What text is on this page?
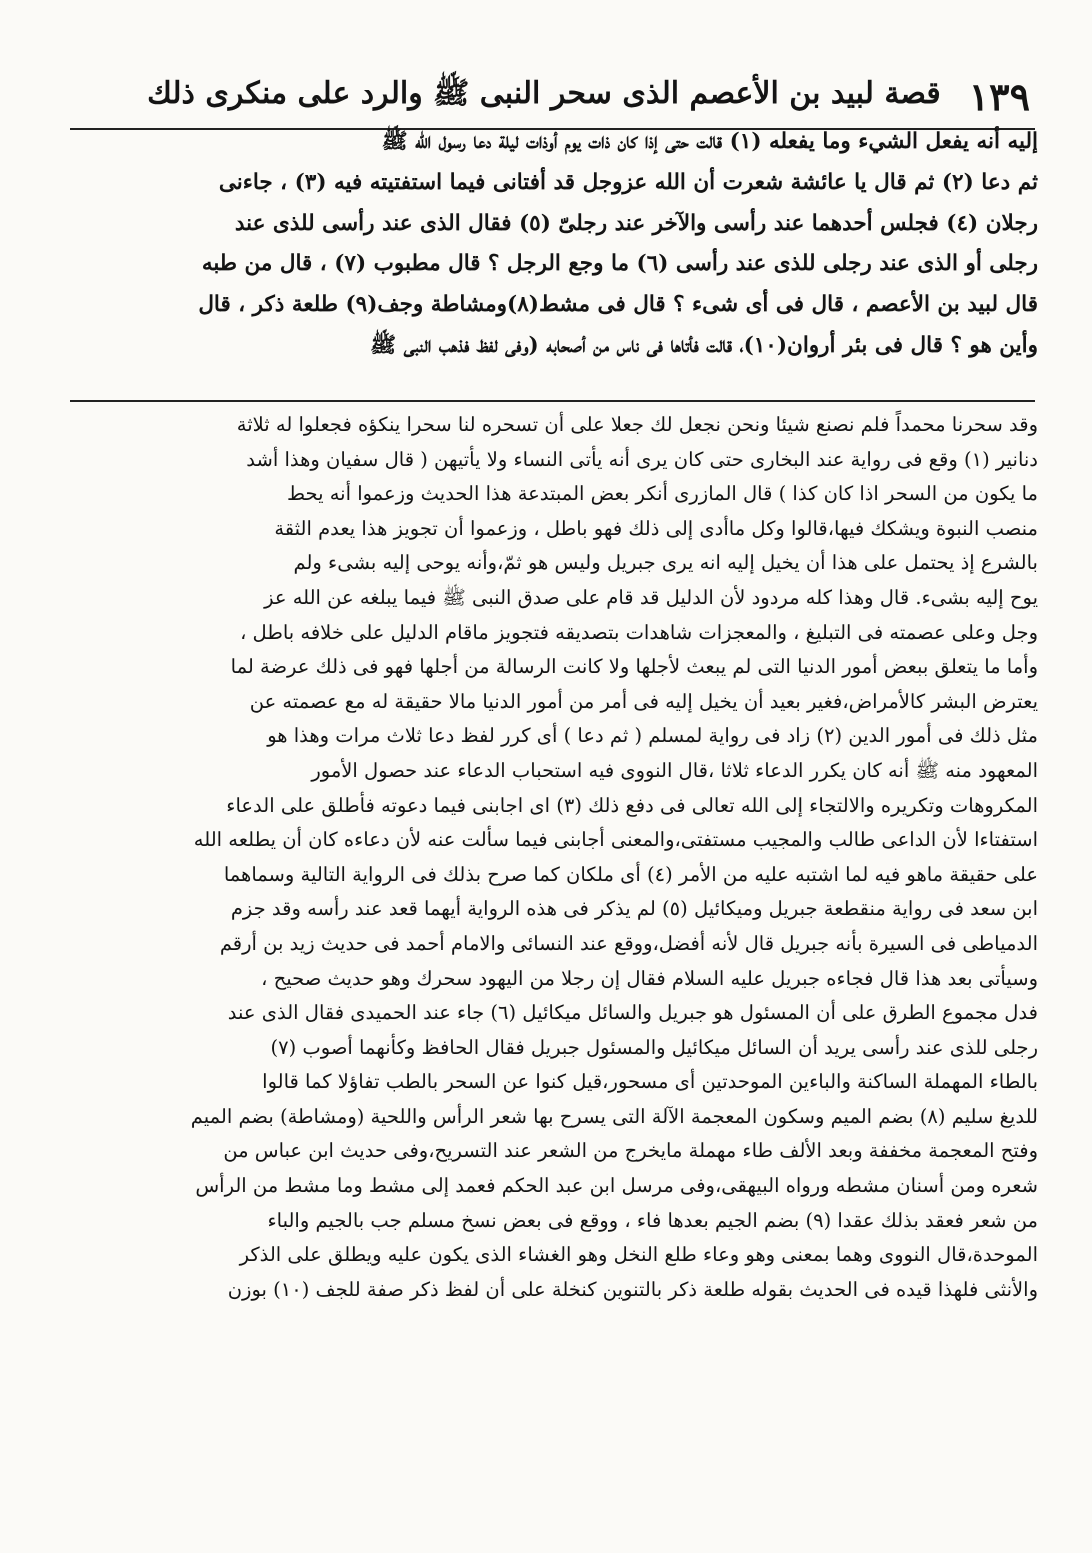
١٣٩
قصة لبيد بن الأعصم الذى سحر النبى ﷺ والرد على منكرى ذلك
إليه أنه يفعل الشيء وما يفعله (١) قالت حتى إذا كان ذات يوم أوذات ليلة دعا رسول الله ﷺ
ثم دعا (٢) ثم قال يا عائشة شعرت أن الله عزوجل قد أفتانى فيما استفتيته فيه (٣) ، جاءنى
رجلان (٤) فجلس أحدهما عند رأسى والآخر عند رجلىّ (٥) فقال الذى عند رأسى للذى عند
رجلى أو الذى عند رجلى للذى عند رأسى (٦) ما وجع الرجل ؟ قال مطبوب (٧) ، قال من طبه
قال لبيد بن الأعصم ، قال فى أى شىء ؟ قال فى مشط(٨)ومشاطة وجف(٩) طلعة ذكر ، قال
وأين هو ؟ قال فى بئر أروان(١٠)، قالت فأتاها فى ناس من أصحابه (وفى لفظ فذهب النبى ﷺ
وقد سحرنا محمداً فلم نصنع شيئا ونحن نجعل لك جعلا على أن تسحره لنا سحرا ينكؤه فجعلوا له ثلاثة
دنانير (١) وقع فى رواية عند البخارى حتى كان يرى أنه يأتى النساء ولا يأتيهن ( قال سفيان وهذا أشد
ما يكون من السحر اذا كان كذا ) قال المازرى أنكر بعض المبتدعة هذا الحديث وزعموا أنه يحط
منصب النبوة ويشكك فيها،قالوا وكل ماأدى إلى ذلك فهو باطل ، وزعموا أن تجويز هذا يعدم الثقة
بالشرع إذ يحتمل على هذا أن يخيل إليه انه يرى جبريل وليس هو ثمّ،وأنه يوحى إليه بشىء ولم
يوح إليه بشىء. قال وهذا كله مردود لأن الدليل قد قام على صدق النبى ﷺ فيما يبلغه عن الله عز
وجل وعلى عصمته فى التبليغ ، والمعجزات شاهدات بتصديقه فتجويز ماقام الدليل على خلافه باطل ،
وأما ما يتعلق ببعض أمور الدنيا التى لم يبعث لأجلها ولا كانت الرسالة من أجلها فهو فى ذلك عرضة لما
يعترض البشر كالأمراض،فغير بعيد أن يخيل إليه فى أمر من أمور الدنيا مالا حقيقة له مع عصمته عن
مثل ذلك فى أمور الدين (٢) زاد فى رواية لمسلم ( ثم دعا ) أى كرر لفظ دعا ثلاث مرات وهذا هو
المعهود منه ﷺ أنه كان يكرر الدعاء ثلاثا ،قال النووى فيه استحباب الدعاء عند حصول الأمور
المكروهات وتكريره والالتجاء إلى الله تعالى فى دفع ذلك (٣) اى اجابنى فيما دعوته فأطلق على الدعاء
استفتاءا لأن الداعى طالب والمجيب مستفتى،والمعنى أجابنى فيما سألت عنه لأن دعاءه كان أن يطلعه الله
على حقيقة ماهو فيه لما اشتبه عليه من الأمر (٤) أى ملكان كما صرح بذلك فى الرواية التالية وسماهما
ابن سعد فى رواية منقطعة جبريل وميكائيل (٥) لم يذكر فى هذه الرواية أيهما قعد عند رأسه وقد جزم
الدمياطى فى السيرة بأنه جبريل قال لأنه أفضل،ووقع عند النسائى والامام أحمد فى حديث زيد بن أرقم
وسيأتى بعد هذا قال فجاءه جبريل عليه السلام فقال إن رجلا من اليهود سحرك وهو حديث صحيح ،
فدل مجموع الطرق على أن المسئول هو جبريل والسائل ميكائيل (٦) جاء عند الحميدى فقال الذى عند
رجلى للذى عند رأسى يريد أن السائل ميكائيل والمسئول جبريل فقال الحافظ وكأنهما أصوب (٧)
بالطاء المهملة الساكنة والباءين الموحدتين أى مسحور،قيل كنوا عن السحر بالطب تفاؤلا كما قالوا
للديغ سليم (٨) بضم الميم وسكون المعجمة الآلة التى يسرح بها شعر الرأس واللحية (ومشاطة) بضم الميم
وفتح المعجمة مخففة وبعد الألف طاء مهملة مايخرج من الشعر عند التسريح،وفى حديث ابن عباس من
شعره ومن أسنان مشطه ورواه البيهقى،وفى مرسل ابن عبد الحكم فعمد إلى مشط وما مشط من الرأس
من شعر فعقد بذلك عقدا (٩) بضم الجيم بعدها فاء ، ووقع فى بعض نسخ مسلم جب بالجيم والباء
الموحدة،قال النووى وهما بمعنى وهو وعاء طلع النخل وهو الغشاء الذى يكون عليه ويطلق على الذكر
والأنثى فلهذا قيده فى الحديث بقوله طلعة ذكر بالتنوين كنخلة على أن لفظ ذكر صفة للجف (١٠) بوزن
